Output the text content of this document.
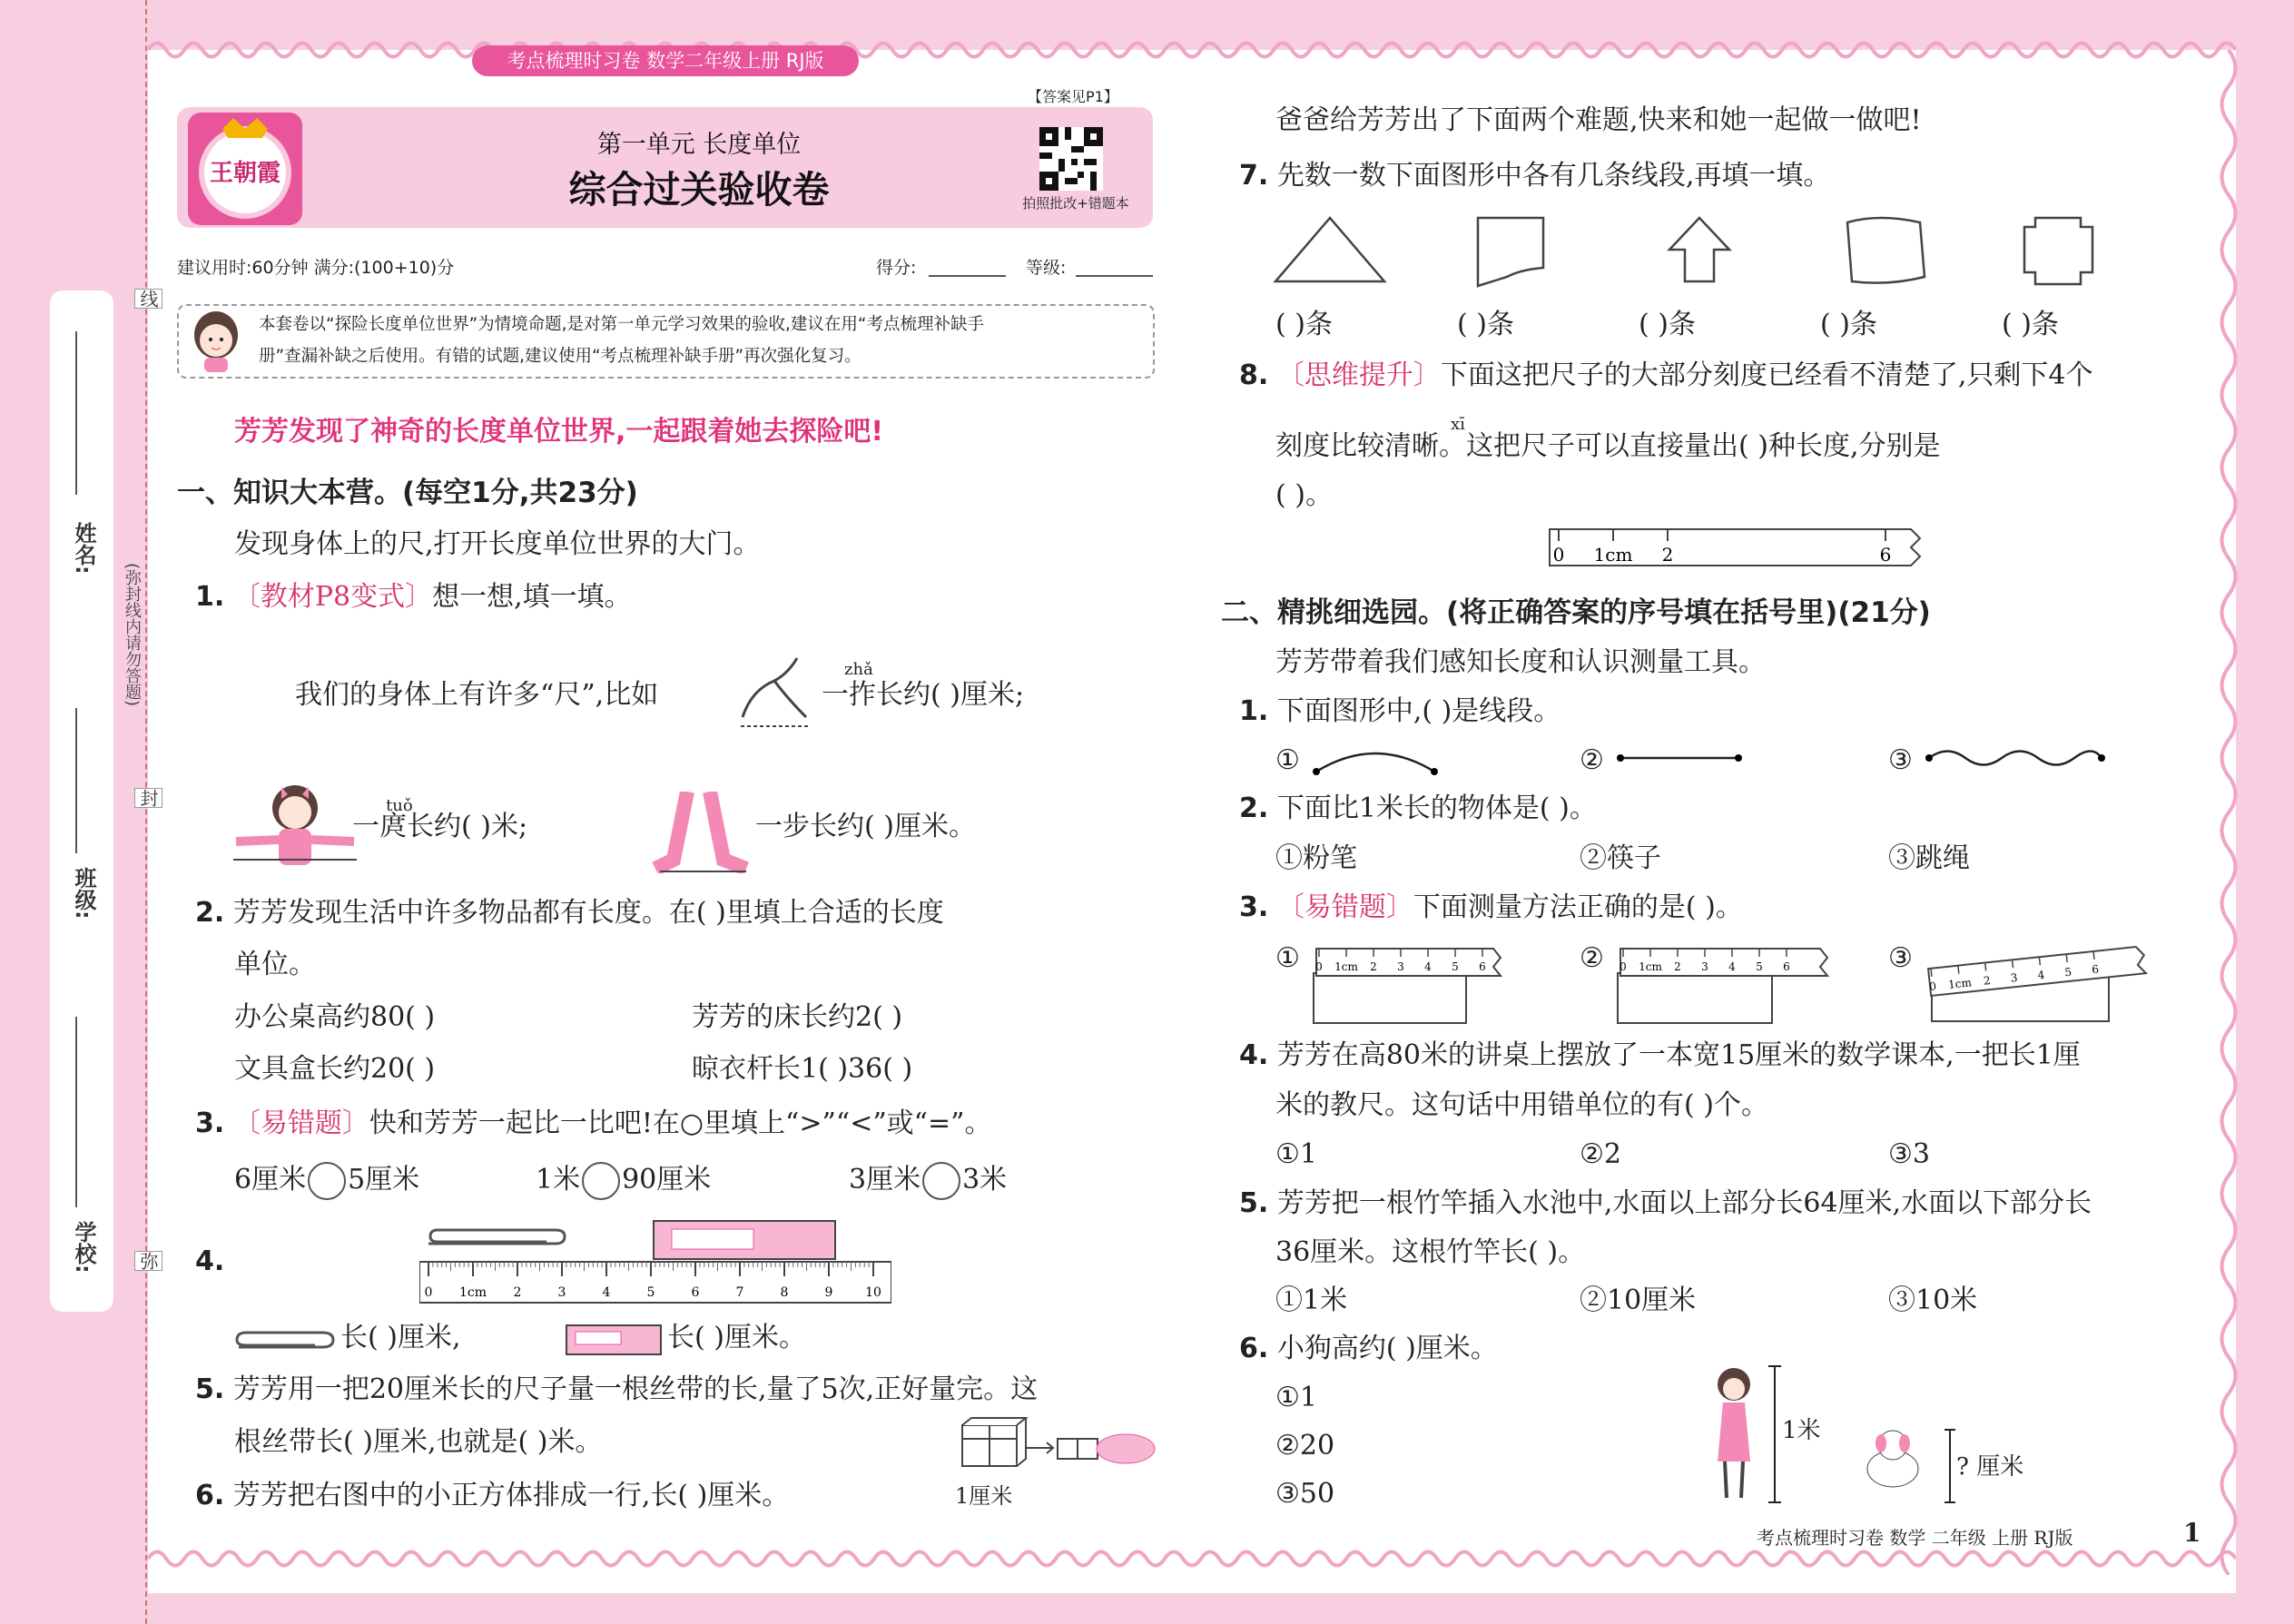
姓名:
班级:
学校:
(弥封线内请勿答题)
线
封
弥
考点梳理时习卷 数学二年级上册 RJ版
【答案见P1】
王朝霞
第一单元 长度单位
综合过关验收卷	拍照批改+错题本
建议用时:60分钟 满分:(100+10)分	得分:	等级:
本套卷以“探险长度单位世界”为情境命题,是对第一单元学习效果的验收,建议在用“考点梳理补缺手
册”查漏补缺之后使用。有错的试题,建议使用“考点梳理补缺手册”再次强化复习。
芳芳发现了神奇的长度单位世界,一起跟着她去探险吧!
一、知识大本营。(每空1分,共23分)
发现身体上的尺,打开长度单位世界的大门。
1. 〔教材P8变式〕想一想,填一填。
我们的身体上有许多“尺”,比如
zhǎ
一拃长约( )厘米;
tuǒ
一庹长约( )米;	一步长约( )厘米。
2. 芳芳发现生活中许多物品都有长度。在( )里填上合适的长度
单位。
办公桌高约80( )	芳芳的床长约2( )
文具盒长约20( )	晾衣杆长1( )36( )
3. 〔易错题〕快和芳芳一起比一比吧!在○里填上“>”“<”或“=”。
6厘米 5厘米	1米 90厘米	3厘米 3米
4.
0 1cm 2	3	4	5	6	7	8	9	10
长( )厘米,	长( )厘米。
5. 芳芳用一把20厘米长的尺子量一根丝带的长,量了5次,正好量完。这
根丝带长( )厘米,也就是( )米。
6. 芳芳把右图中的小正方体排成一行,长( )厘米。	1厘米
爸爸给芳芳出了下面两个难题,快来和她一起做一做吧!
7. 先数一数下面图形中各有几条线段,再填一填。
( )条	( )条	( )条	( )条	( )条
8. 〔思维提升〕下面这把尺子的大部分刻度已经看不清楚了,只剩下4个
xī
刻度比较清晰。这把尺子可以直接量出( )种长度,分别是
( )。
0 1cm 2	6
二、精挑细选园。(将正确答案的序号填在括号里)(21分)
芳芳带着我们感知长度和认识测量工具。
1. 下面图形中,( )是线段。
①	②	③
2. 下面比1米长的物体是( )。
①粉笔	②筷子	③跳绳
3. 〔易错题〕下面测量方法正确的是( )。
①	②	③
0 1cm 2 3 4 5 6	0 1cm 2 3 4 5 6
0 1cm 2 3 4 5 6
4. 芳芳在高80米的讲桌上摆放了一本宽15厘米的数学课本,一把长1厘
米的教尺。这句话中用错单位的有( )个。
①1	②2	③3
5. 芳芳把一根竹竿插入水池中,水面以上部分长64厘米,水面以下部分长
36厘米。这根竹竿长( )。
①1米	②10厘米	③10米
6. 小狗高约( )厘米。
①1
②20
③50
1米
? 厘米
考点梳理时习卷 数学 二年级 上册 RJ版	1
